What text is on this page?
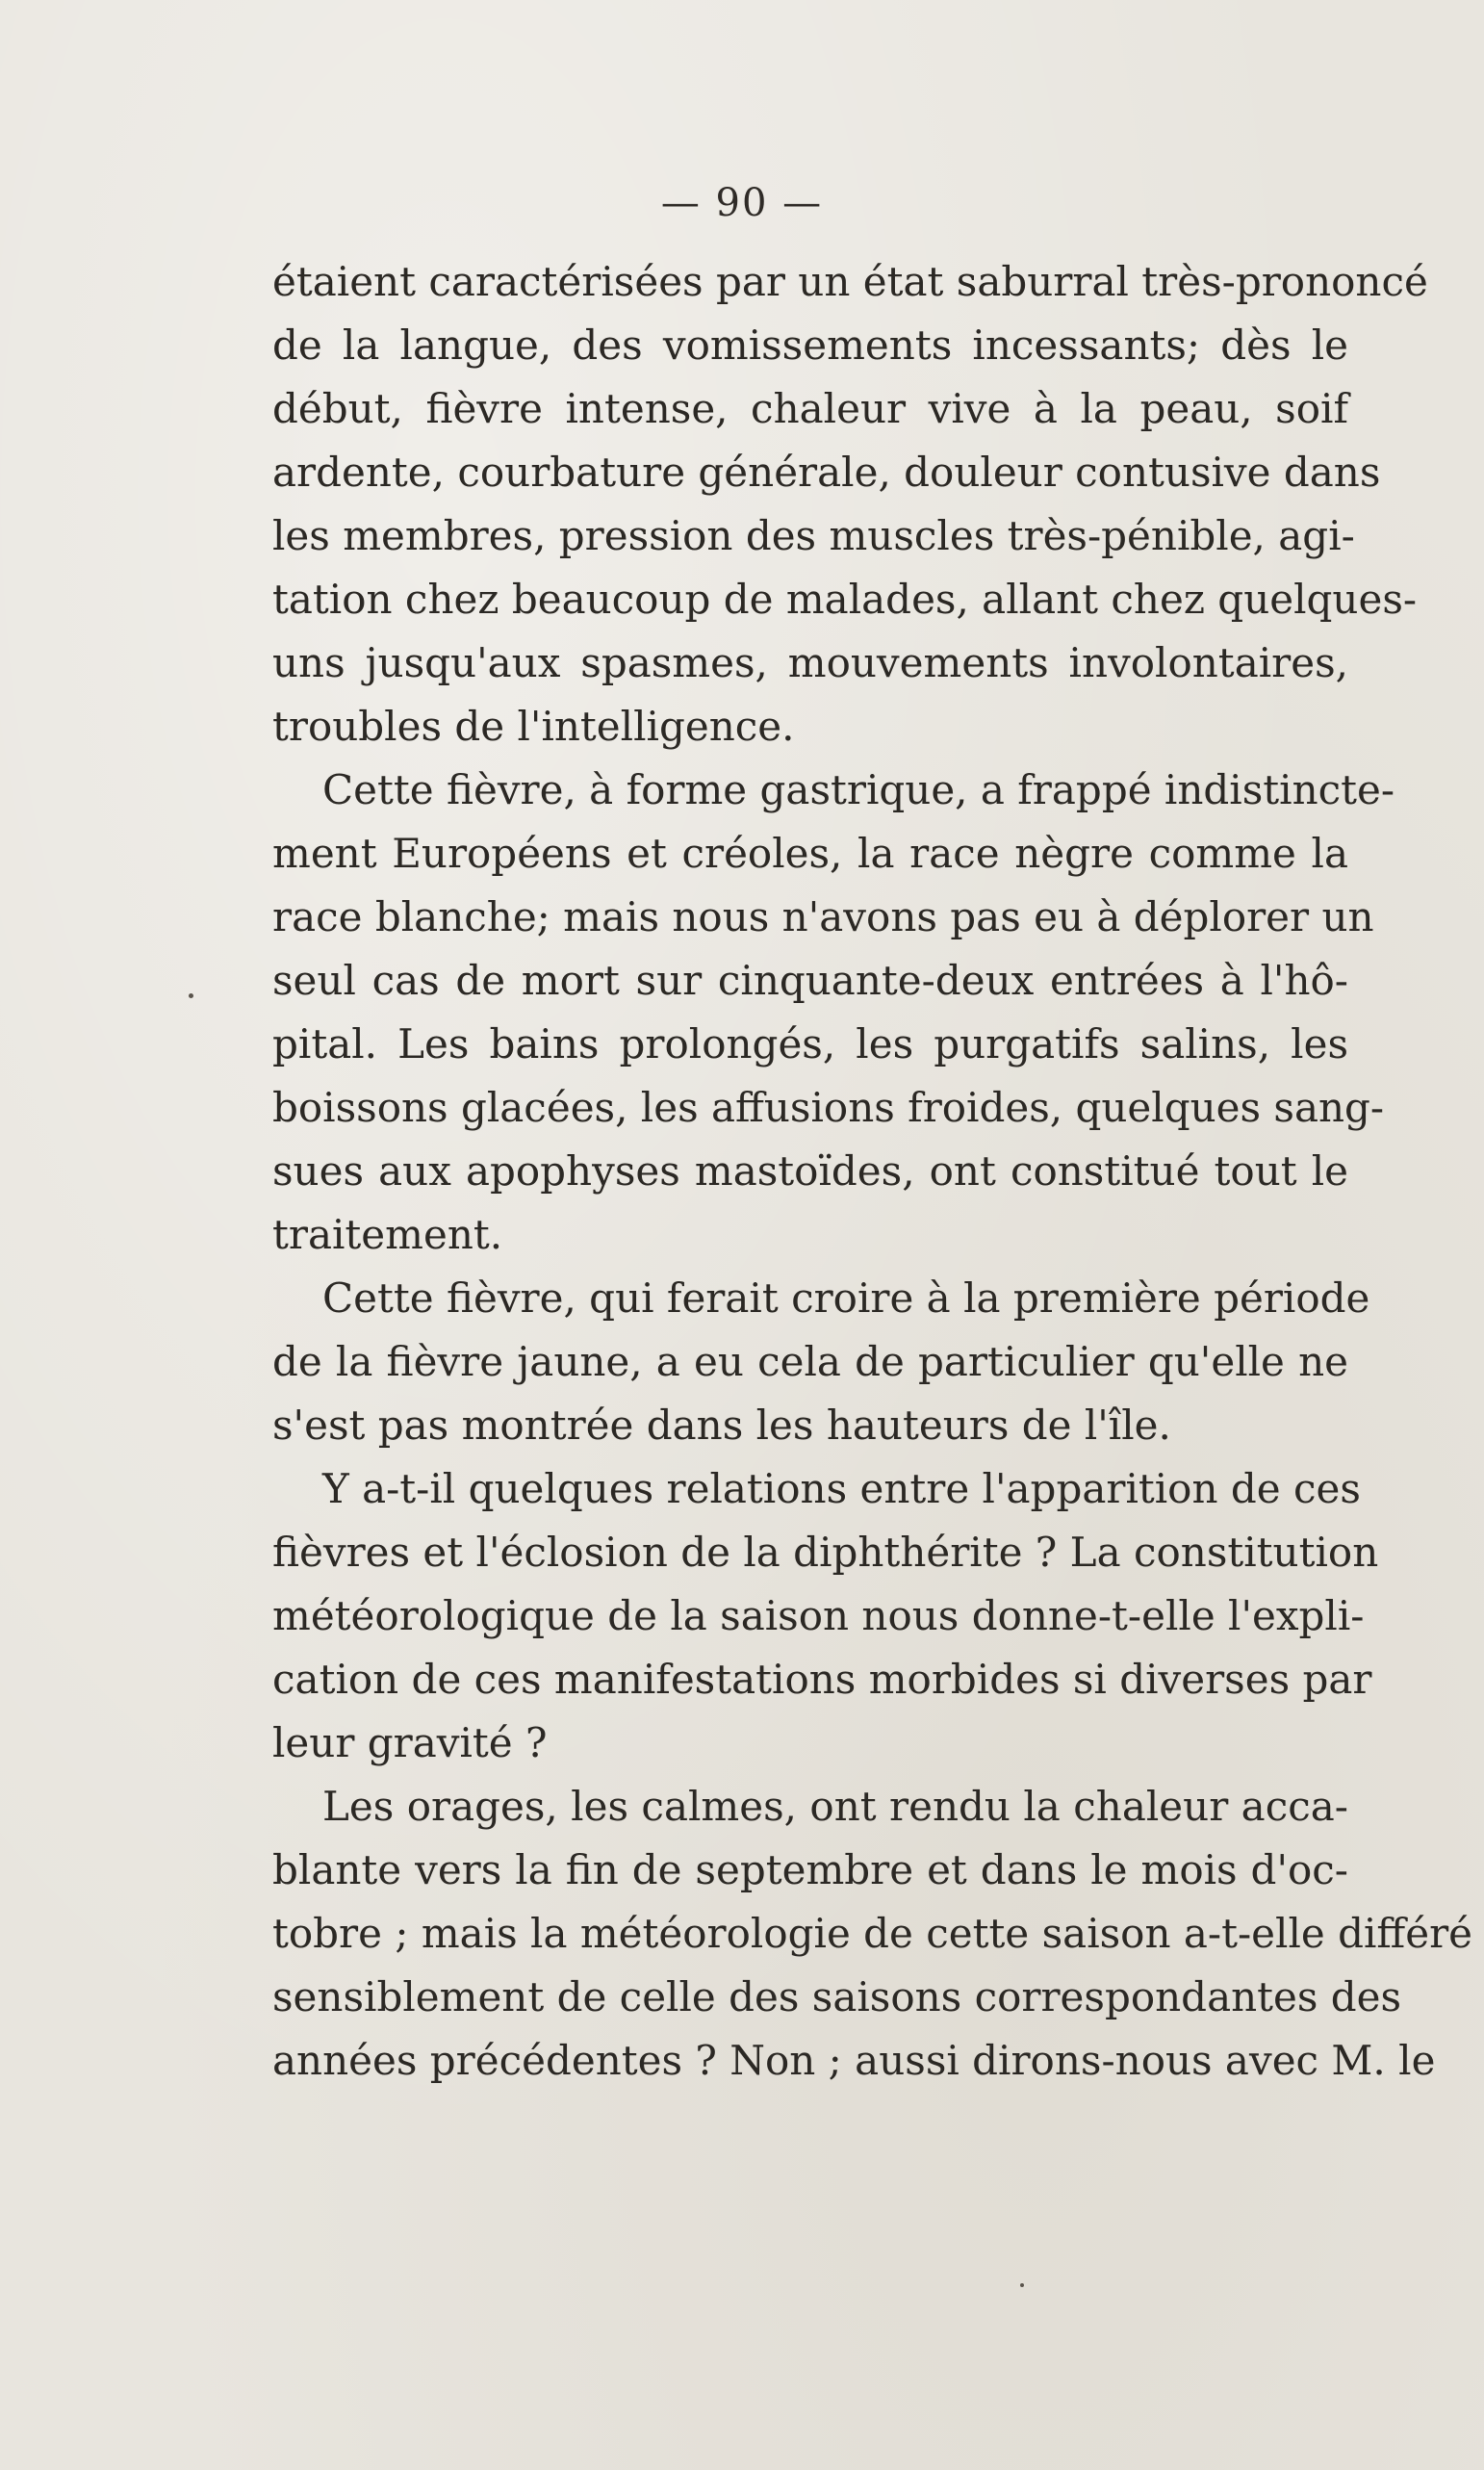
— 90 —
étaient caractérisées par un état saburral très-prononcé
de la langue, des vomissements incessants; dès le
début, fièvre intense, chaleur vive à la peau, soif
ardente, courbature générale, douleur contusive dans
les membres, pression des muscles très-pénible, agi-
tation chez beaucoup de malades, allant chez quelques-
uns jusqu'aux spasmes, mouvements involontaires,
troubles de l'intelligence.
Cette fièvre, à forme gastrique, a frappé indistincte-
ment Européens et créoles, la race nègre comme la
race blanche; mais nous n'avons pas eu à déplorer un
seul cas de mort sur cinquante-deux entrées à l'hô-
pital. Les bains prolongés, les purgatifs salins, les
boissons glacées, les affusions froides, quelques sang-
sues aux apophyses mastoïdes, ont constitué tout le
traitement.
Cette fièvre, qui ferait croire à la première période
de la fièvre jaune, a eu cela de particulier qu'elle ne
s'est pas montrée dans les hauteurs de l'île.
Y a-t-il quelques relations entre l'apparition de ces
fièvres et l'éclosion de la diphthérite ? La constitution
météorologique de la saison nous donne-t-elle l'expli-
cation de ces manifestations morbides si diverses par
leur gravité ?
Les orages, les calmes, ont rendu la chaleur acca-
blante vers la fin de septembre et dans le mois d'oc-
tobre ; mais la météorologie de cette saison a-t-elle différé
sensiblement de celle des saisons correspondantes des
années précédentes ? Non ; aussi dirons-nous avec M. le
